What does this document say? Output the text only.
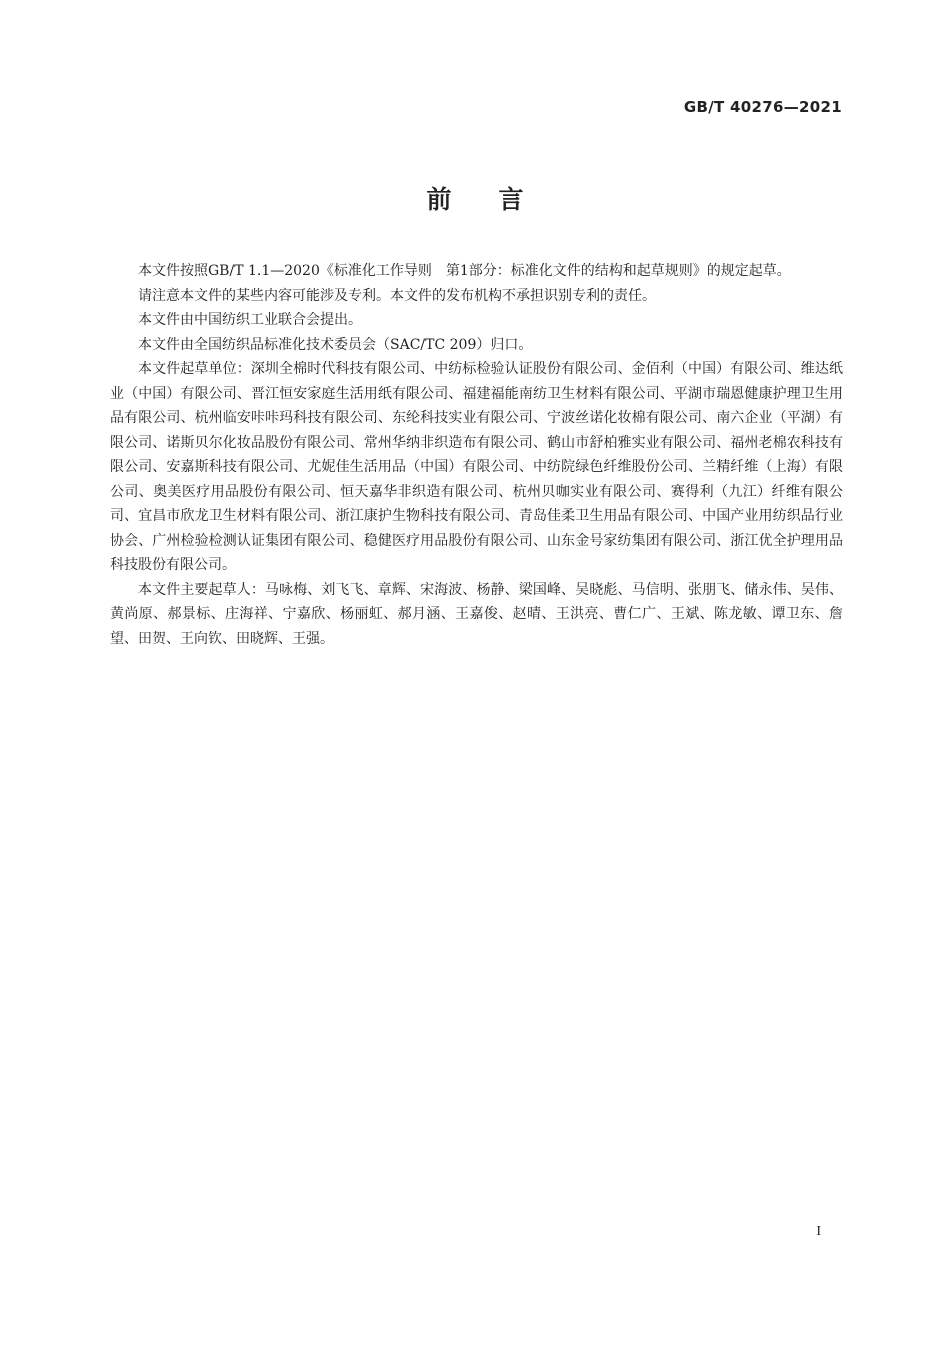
GB/T 40276—2021
前言

本文件按照GB/T 1.1—2020《标准化工作导则　第1部分：标准化文件的结构和起草规则》的规定起草。

请注意本文件的某些内容可能涉及专利。本文件的发布机构不承担识别专利的责任。

本文件由中国纺织工业联合会提出。

本文件由全国纺织品标准化技术委员会（SAC/TC 209）归口。

本文件起草单位：深圳全棉时代科技有限公司、中纺标检验认证股份有限公司、金佰利（中国）有限公司、维达纸业（中国）有限公司、晋江恒安家庭生活用纸有限公司、福建福能南纺卫生材料有限公司、平湖市瑞恩健康护理卫生用品有限公司、杭州临安咔咔玛科技有限公司、东纶科技实业有限公司、宁波丝诺化妆棉有限公司、南六企业（平湖）有限公司、诺斯贝尔化妆品股份有限公司、常州华纳非织造布有限公司、鹤山市舒柏雅实业有限公司、福州老棉农科技有限公司、安嘉斯科技有限公司、尤妮佳生活用品（中国）有限公司、中纺院绿色纤维股份公司、兰精纤维（上海）有限公司、奥美医疗用品股份有限公司、恒天嘉华非织造有限公司、杭州贝咖实业有限公司、赛得利（九江）纤维有限公司、宜昌市欣龙卫生材料有限公司、浙江康护生物科技有限公司、青岛佳柔卫生用品有限公司、中国产业用纺织品行业协会、广州检验检测认证集团有限公司、稳健医疗用品股份有限公司、山东金号家纺集团有限公司、浙江优全护理用品科技股份有限公司。

本文件主要起草人：马咏梅、刘飞飞、章辉、宋海波、杨静、梁国峰、吴晓彪、马信明、张朋飞、储永伟、吴伟、黄尚原、郝景标、庄海祥、宁嘉欣、杨丽虹、郝月涵、王嘉俊、赵晴、王洪亮、曹仁广、王斌、陈龙敏、谭卫东、詹望、田贺、王向钦、田晓辉、王强。

I
